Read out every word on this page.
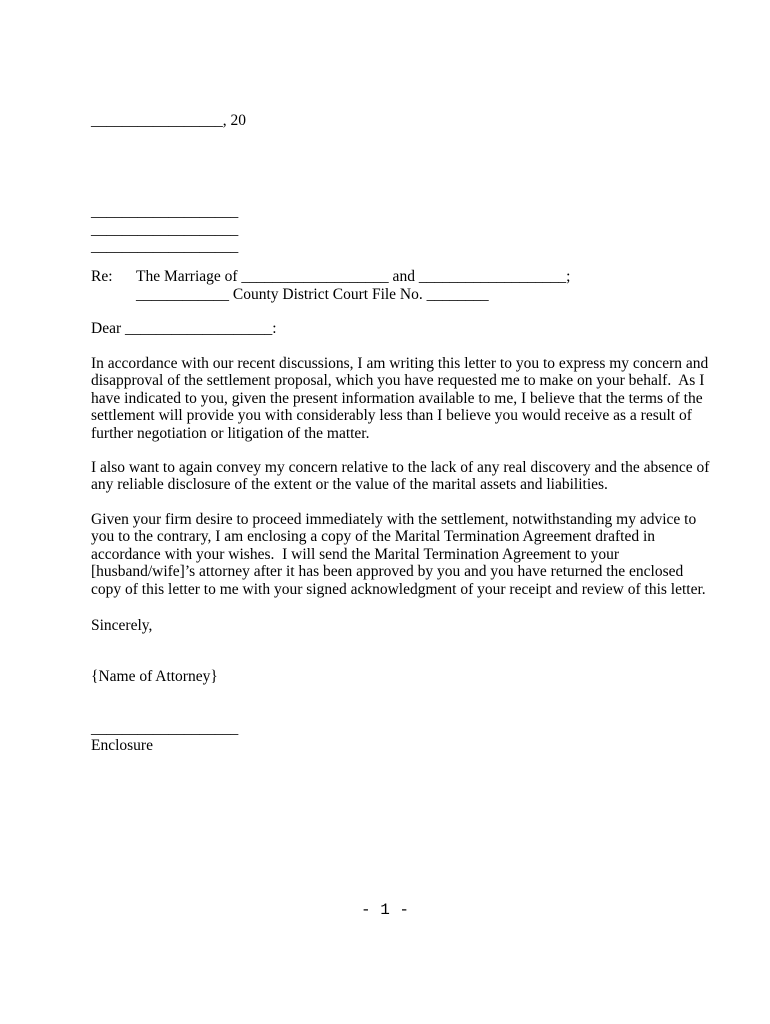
_________________, 20
___________________
___________________
___________________
Re: The Marriage of ___________________ and ___________________;
____________ County District Court File No. ________
Dear ___________________:
In accordance with our recent discussions, I am writing this letter to you to express my concern and
disapproval of the settlement proposal, which you have requested me to make on your behalf.  As I
have indicated to you, given the present information available to me, I believe that the terms of the
settlement will provide you with considerably less than I believe you would receive as a result of
further negotiation or litigation of the matter.
I also want to again convey my concern relative to the lack of any real discovery and the absence of
any reliable disclosure of the extent or the value of the marital assets and liabilities.
Given your firm desire to proceed immediately with the settlement, notwithstanding my advice to
you to the contrary, I am enclosing a copy of the Marital Termination Agreement drafted in
accordance with your wishes.  I will send the Marital Termination Agreement to your
[husband/wife]’s attorney after it has been approved by you and you have returned the enclosed
copy of this letter to me with your signed acknowledgment of your receipt and review of this letter.
Sincerely,
{Name of Attorney}
___________________
Enclosure
- 1 -
